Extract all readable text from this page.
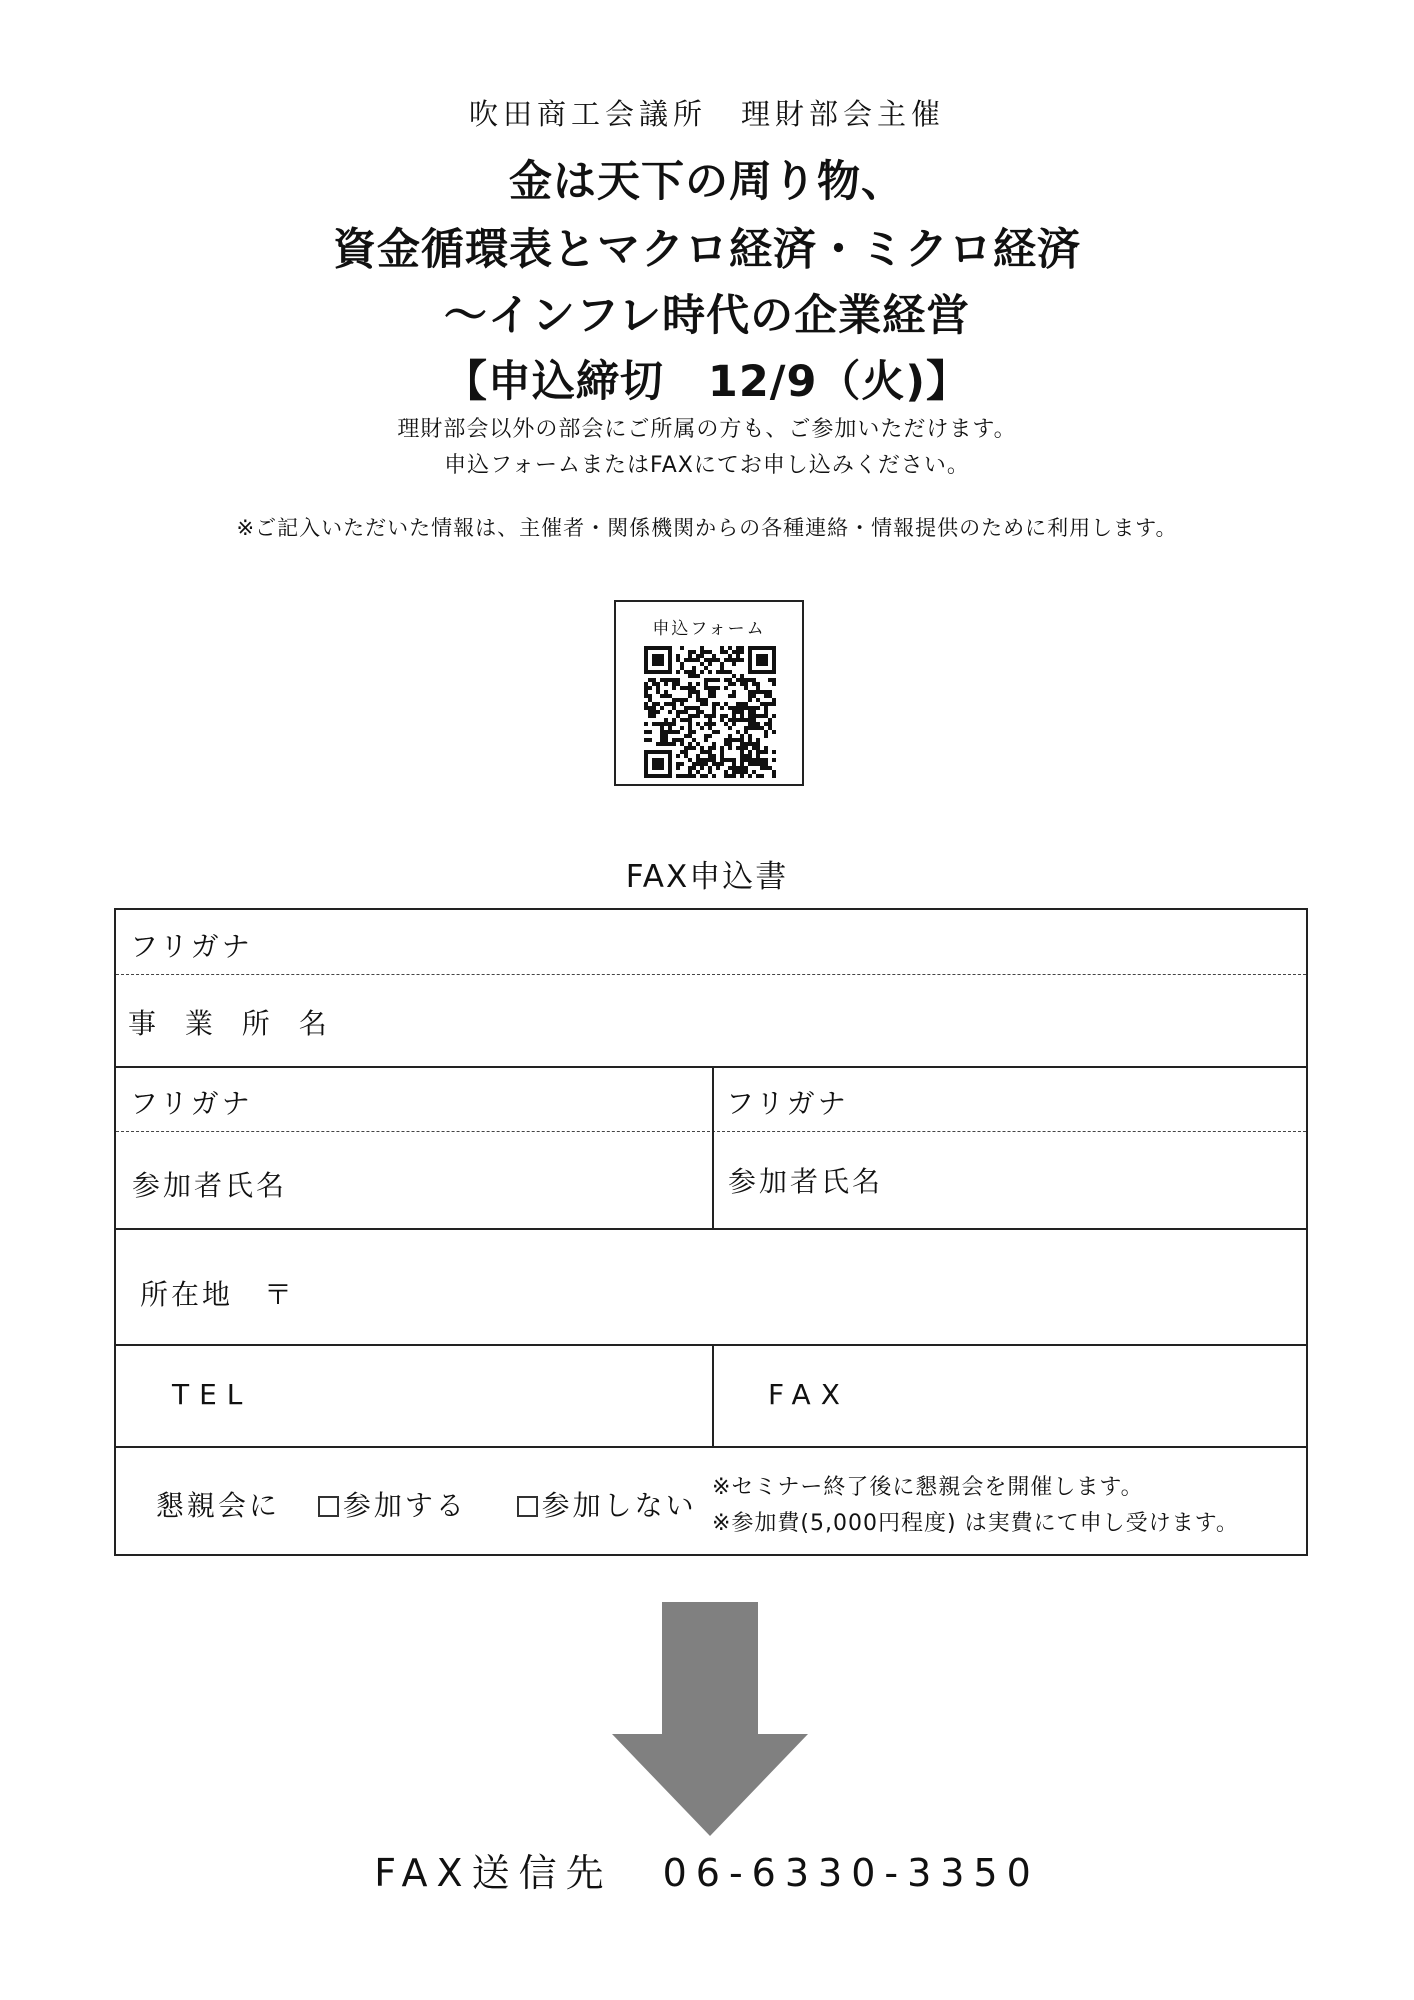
吹田商工会議所　理財部会主催
金は天下の周り物、
資金循環表とマクロ経済・ミクロ経済
～インフレ時代の企業経営
【申込締切　12/9（火)】
理財部会以外の部会にご所属の方も、ご参加いただけます。
申込フォームまたはFAXにてお申し込みください。
※ご記入いただいた情報は、主催者・関係機関からの各種連絡・情報提供のために利用します。
申込フォーム
FAX申込書
フリガナ
事 業 所 名
フリガナ	フリガナ
参加者氏名	参加者氏名
所在地　〒
TEL	FAX
懇親会に 参加する	参加しない
※セミナー終了後に懇親会を開催します。
※参加費(5,000円程度) は実費にて申し受けます。
FAX送信先 06-6330-3350
